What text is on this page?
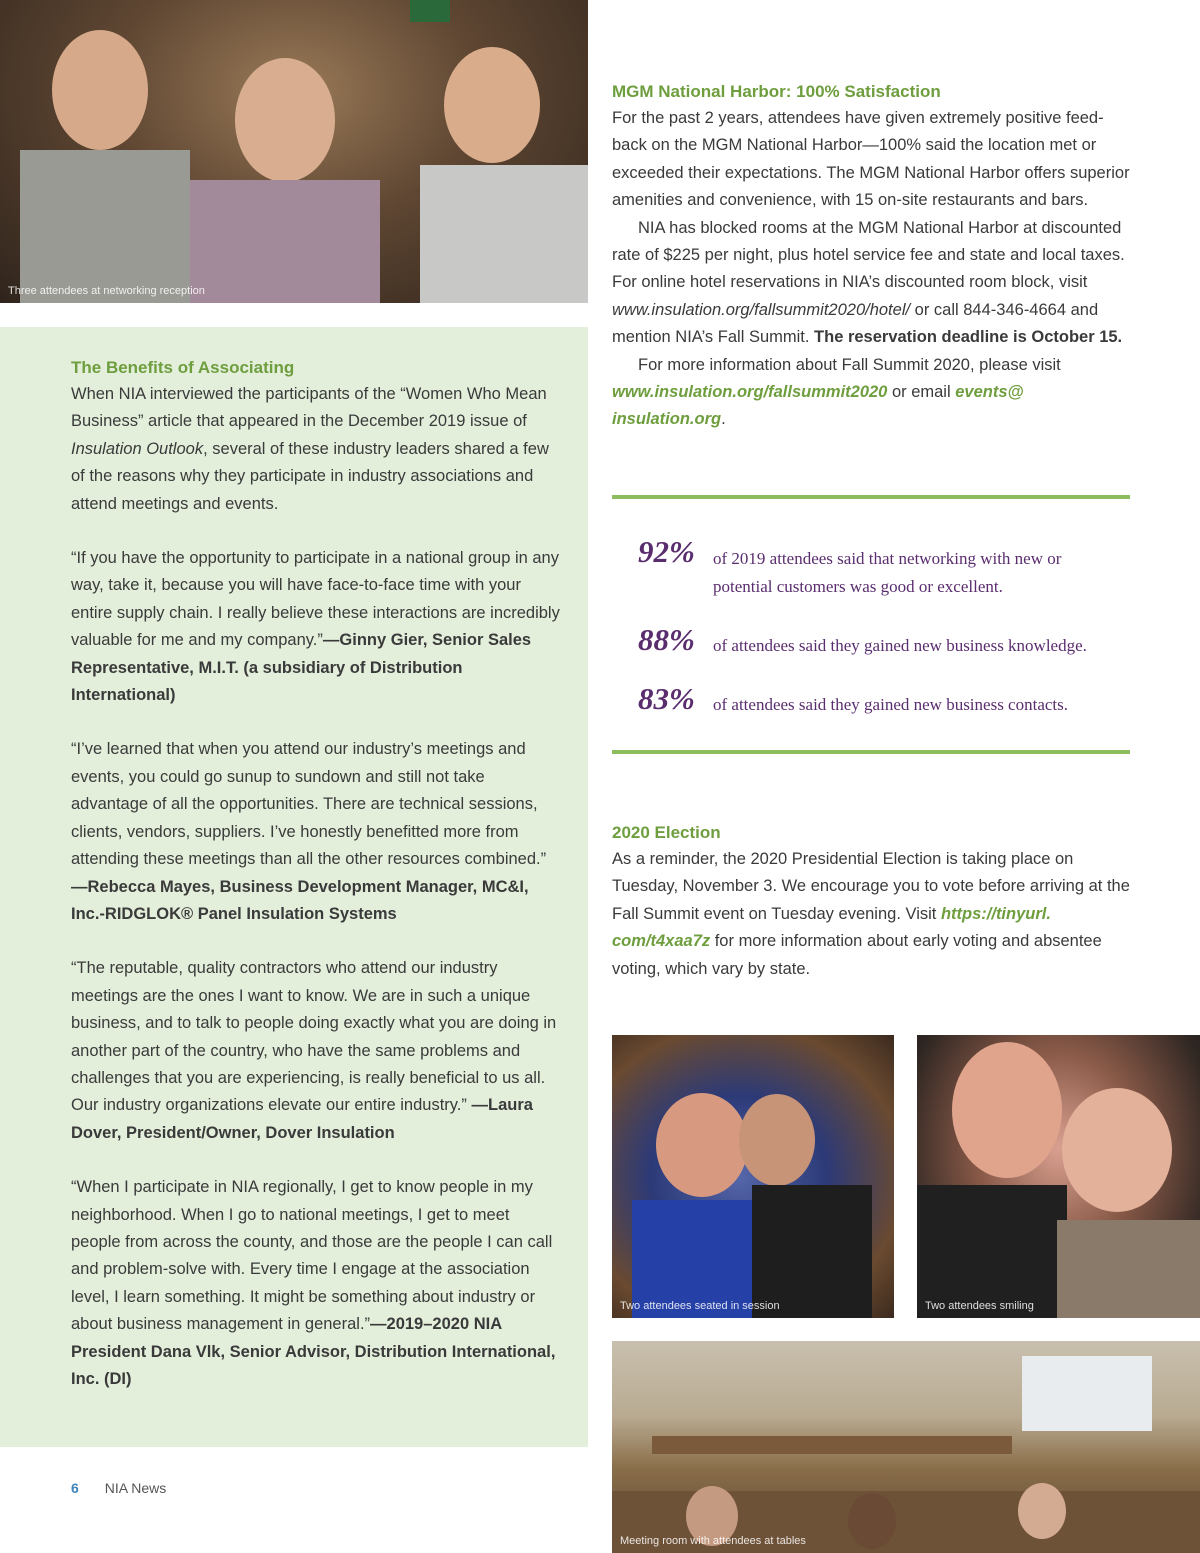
Three attendees at networking reception

The Benefits of Associating

When NIA interviewed the participants of the “Women Who Mean Business” article that appeared in the December 2019 issue of Insulation Outlook, several of these industry leaders shared a few of the reasons why they participate in industry associations and attend meetings and events.

“If you have the opportunity to participate in a national group in any way, take it, because you will have face-to-face time with your entire supply chain. I really believe these interactions are incredibly valuable for me and my company.”—Ginny Gier, Senior Sales Representative, M.I.T. (a subsidiary of Distribution International)

“I’ve learned that when you attend our industry’s meetings and events, you could go sunup to sundown and still not take advantage of all the opportunities. There are technical sessions, clients, vendors, suppliers. I’ve honestly benefitted more from attending these meetings than all the other resources combined.” —Rebecca Mayes, Business Development Manager, MC&I, Inc.-RIDGLOK® Panel Insulation Systems

“The reputable, quality contractors who attend our industry meetings are the ones I want to know. We are in such a unique business, and to talk to people doing exactly what you are doing in another part of the country, who have the same problems and challenges that you are experiencing, is really beneficial to us all. Our industry organizations elevate our entire industry.” —Laura Dover, President/Owner, Dover Insulation

“When I participate in NIA regionally, I get to know people in my neighborhood. When I go to national meetings, I get to meet people from across the county, and those are the people I can call and problem-solve with. Every time I engage at the association level, I learn something. It might be something about industry or about business management in general.”—2019–2020 NIA President Dana Vlk, Senior Advisor, Distribution International, Inc. (DI)

MGM National Harbor: 100% Satisfaction

For the past 2 years, attendees have given extremely positive feedback on the MGM National Harbor—100% said the location met or exceeded their expectations. The MGM National Harbor offers superior amenities and convenience, with 15 on-site restaurants and bars.

NIA has blocked rooms at the MGM National Harbor at discounted rate of $225 per night, plus hotel service fee and state and local taxes. For online hotel reservations in NIA’s discounted room block, visit www.insulation.org/fallsummit2020/hotel/ or call 844-346-4664 and mention NIA’s Fall Summit. The reservation deadline is October 15.

For more information about Fall Summit 2020, please visit www.insulation.org/fallsummit2020 or email events@ insulation.org.

92% of 2019 attendees said that networking with new or potential customers was good or excellent.
88% of attendees said they gained new business knowledge.
83% of attendees said they gained new business contacts.

2020 Election

As a reminder, the 2020 Presidential Election is taking place on Tuesday, November 3. We encourage you to vote before arriving at the Fall Summit event on Tuesday evening. Visit https://tinyurl. com/t4xaa7z for more information about early voting and absentee voting, which vary by state.

Two attendees seated in session	Two attendees smiling
Meeting room with attendees at tables
6 NIA News
